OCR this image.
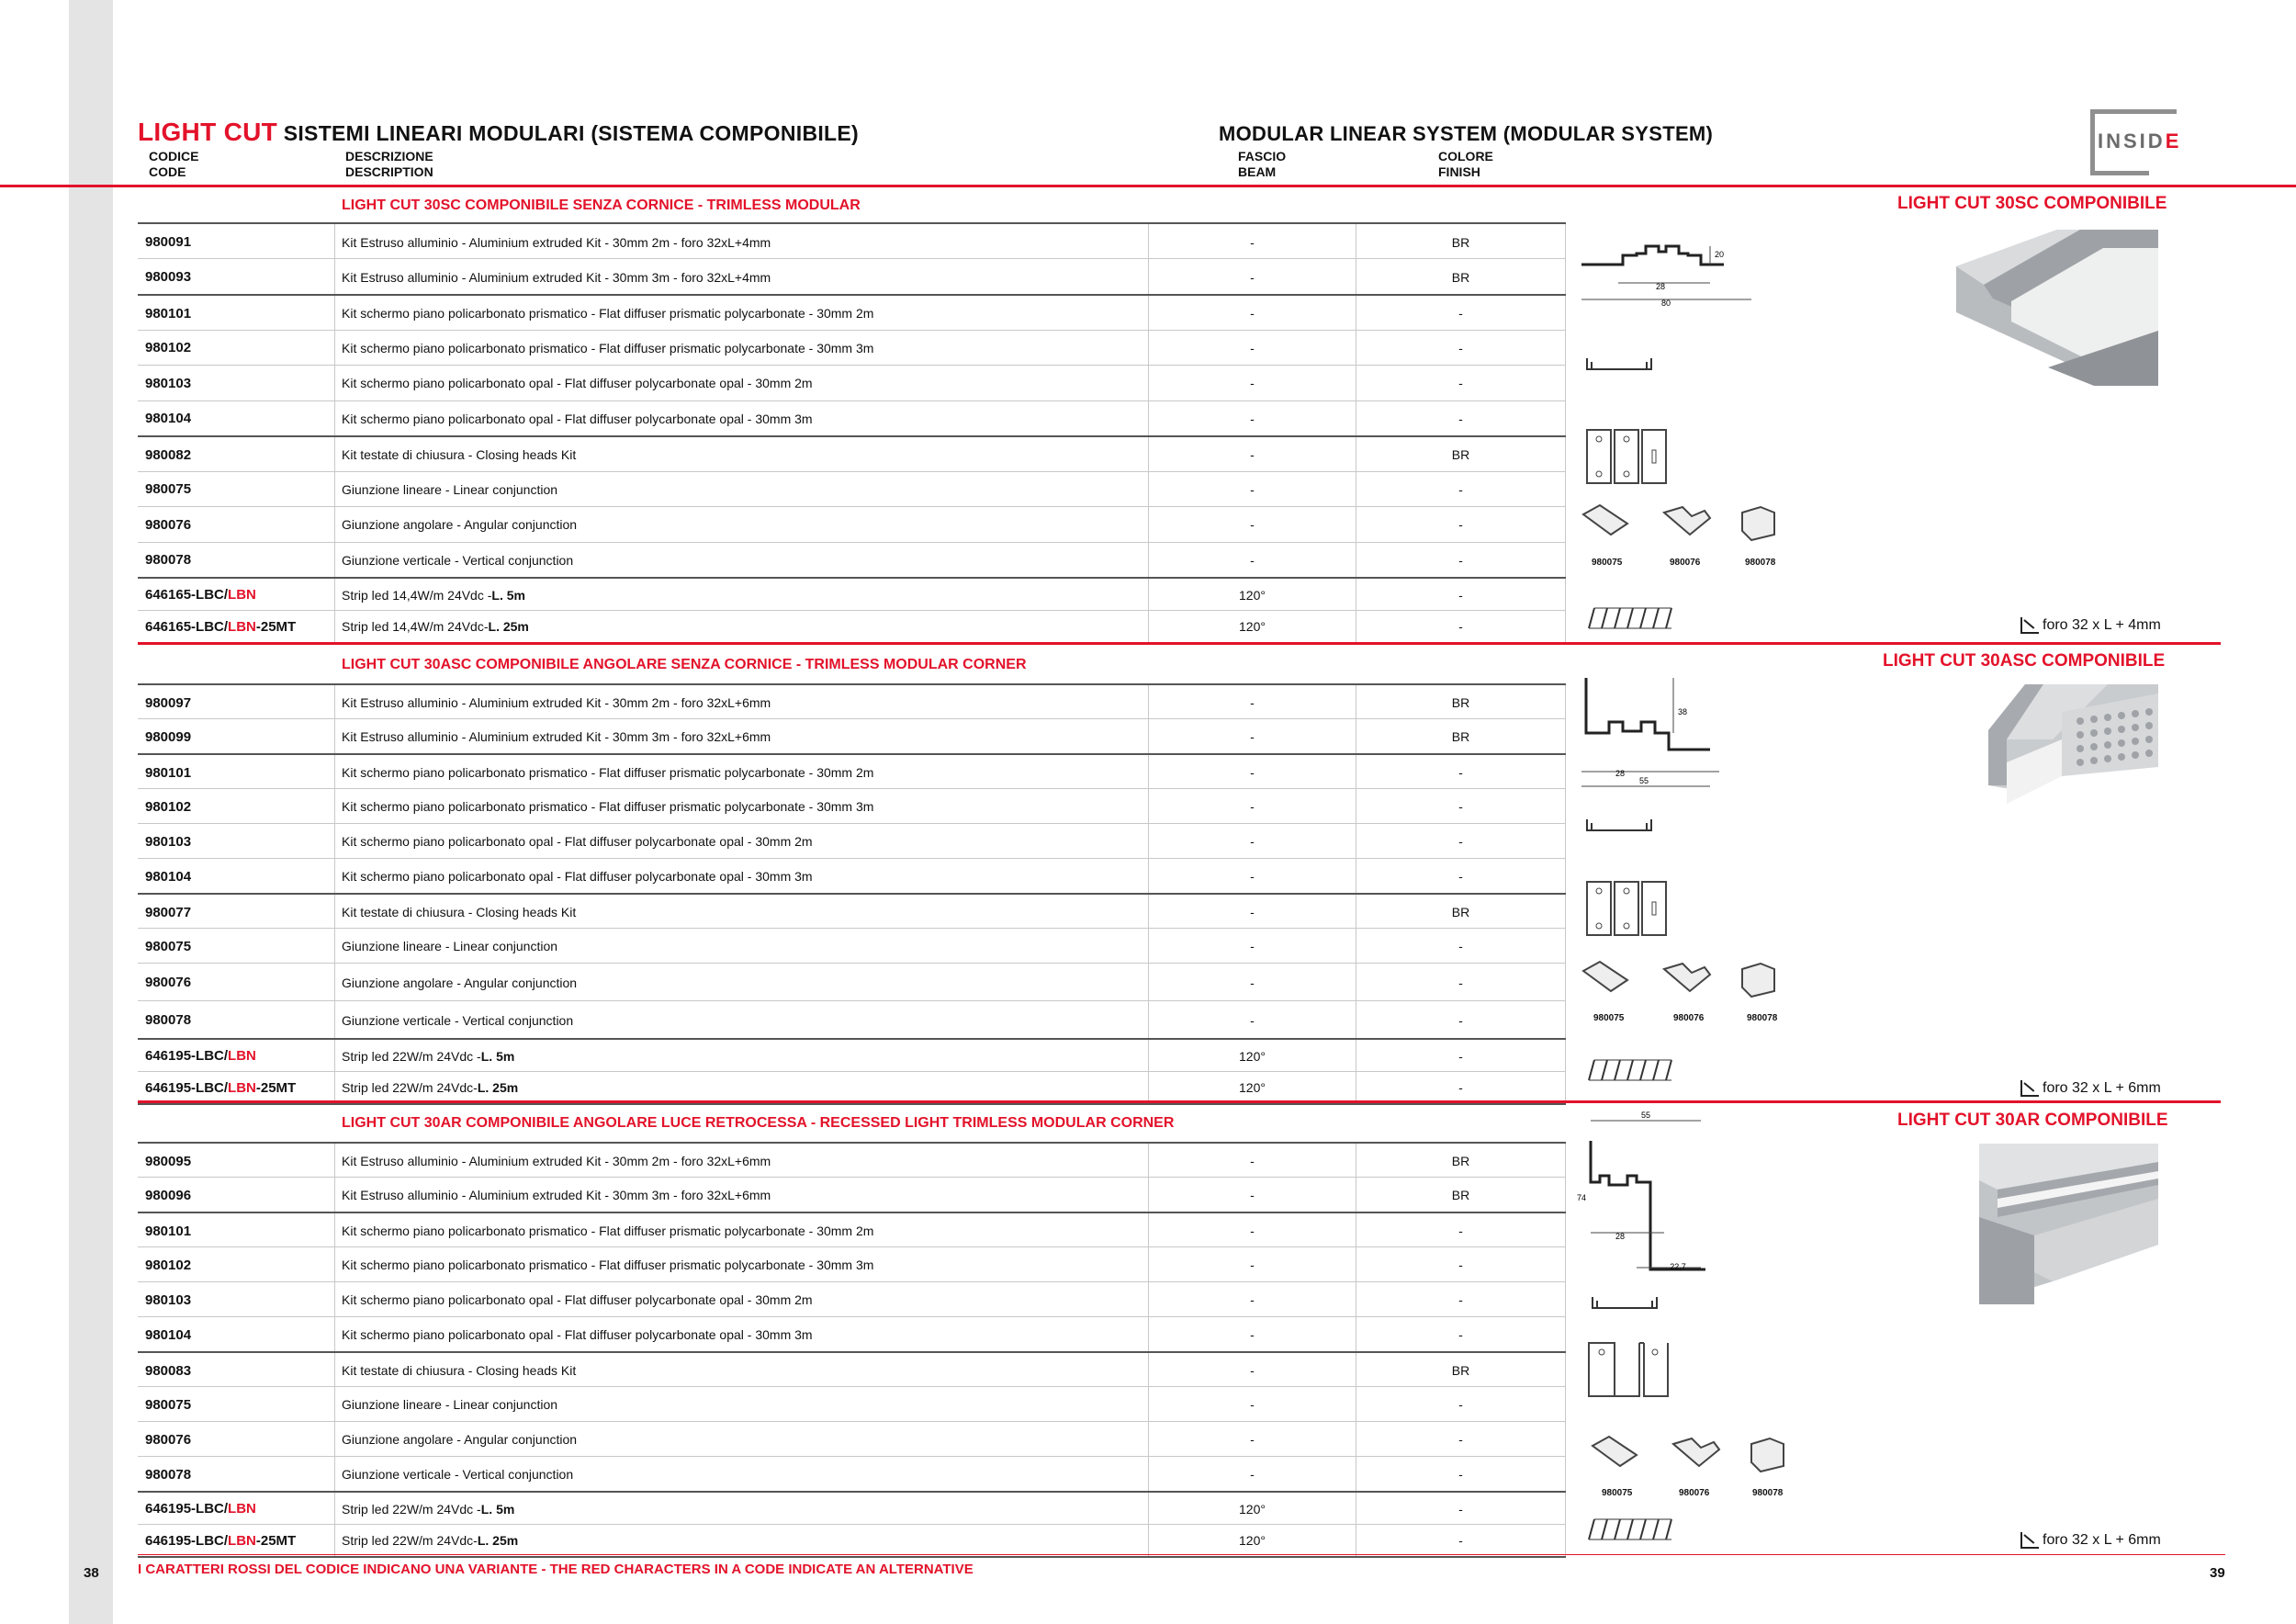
LIGHT CUT SISTEMI LINEARI MODULARI (SISTEMA COMPONIBILE)	MODULAR LINEAR SYSTEM (MODULAR SYSTEM)
CODICE
CODE
DESCRIZIONE
DESCRIPTION
FASCIO
BEAM
COLORE
FINISH
INSIDE
LIGHT CUT 30SC COMPONIBILE SENZA CORNICE - TRIMLESS MODULAR
980091	Kit Estruso alluminio - Aluminium extruded Kit - 30mm 2m - foro 32xL+4mm	-	BR
980093	Kit Estruso alluminio - Aluminium extruded Kit - 30mm 3m - foro 32xL+4mm	-	BR
980101	Kit schermo piano policarbonato prismatico - Flat diffuser prismatic polycarbonate - 30mm 2m	-	-
980102	Kit schermo piano policarbonato prismatico - Flat diffuser prismatic polycarbonate - 30mm 3m	-	-
980103	Kit schermo piano policarbonato opal - Flat diffuser polycarbonate opal - 30mm 2m	-	-
980104	Kit schermo piano policarbonato opal - Flat diffuser polycarbonate opal - 30mm 3m	-	-
980082	Kit testate di chiusura - Closing heads Kit	-	BR
980075	Giunzione lineare - Linear conjunction	-	-
980076	Giunzione angolare - Angular conjunction	-	-
980078	Giunzione verticale - Vertical conjunction	-	-
646165-LBC/ LBN	Strip led 14,4W/m 24Vdc - L. 5m	120°	-
646165-LBC/ LBN -25MT	Strip led 14,4W/m 24Vdc- L. 25m	120°	-
LIGHT CUT 30ASC COMPONIBILE ANGOLARE SENZA CORNICE - TRIMLESS MODULAR CORNER
980097	Kit Estruso alluminio - Aluminium extruded Kit - 30mm 2m - foro 32xL+6mm	-	BR
980099	Kit Estruso alluminio - Aluminium extruded Kit - 30mm 3m - foro 32xL+6mm	-	BR
980101	Kit schermo piano policarbonato prismatico - Flat diffuser prismatic polycarbonate - 30mm 2m	-	-
980102	Kit schermo piano policarbonato prismatico - Flat diffuser prismatic polycarbonate - 30mm 3m	-	-
980103	Kit schermo piano policarbonato opal - Flat diffuser polycarbonate opal - 30mm 2m	-	-
980104	Kit schermo piano policarbonato opal - Flat diffuser polycarbonate opal - 30mm 3m	-	-
980077	Kit testate di chiusura - Closing heads Kit	-	BR
980075	Giunzione lineare - Linear conjunction	-	-
980076	Giunzione angolare - Angular conjunction	-	-
980078	Giunzione verticale - Vertical conjunction	-	-
646195-LBC/ LBN	Strip led 22W/m 24Vdc - L. 5m	120°	-
646195-LBC/ LBN -25MT	Strip led 22W/m 24Vdc- L. 25m	120°	-
LIGHT CUT 30AR COMPONIBILE ANGOLARE LUCE RETROCESSA - RECESSED LIGHT TRIMLESS MODULAR CORNER
980095	Kit Estruso alluminio - Aluminium extruded Kit - 30mm 2m - foro 32xL+6mm	-	BR
980096	Kit Estruso alluminio - Aluminium extruded Kit - 30mm 3m - foro 32xL+6mm	-	BR
980101	Kit schermo piano policarbonato prismatico - Flat diffuser prismatic polycarbonate - 30mm 2m	-	-
980102	Kit schermo piano policarbonato prismatico - Flat diffuser prismatic polycarbonate - 30mm 3m	-	-
980103	Kit schermo piano policarbonato opal - Flat diffuser polycarbonate opal - 30mm 2m	-	-
980104	Kit schermo piano policarbonato opal - Flat diffuser polycarbonate opal - 30mm 3m	-	-
980083	Kit testate di chiusura - Closing heads Kit	-	BR
980075	Giunzione lineare - Linear conjunction	-	-
980076	Giunzione angolare - Angular conjunction	-	-
980078	Giunzione verticale - Vertical conjunction	-	-
646195-LBC/ LBN	Strip led 22W/m 24Vdc - L. 5m	120°	-
646195-LBC/ LBN -25MT	Strip led 22W/m 24Vdc- L. 25m	120°	-
28
80
20
980075	980076	980078
28
55
38
980075	980076	980078
55
28
22,7
74
980075	980076	980078
LIGHT CUT 30SC COMPONIBILE
LIGHT CUT 30ASC COMPONIBILE
LIGHT CUT 30AR COMPONIBILE
foro 32 x L + 4mm
foro 32 x L + 6mm
foro 32 x L + 6mm
I CARATTERI ROSSI DEL CODICE INDICANO UNA VARIANTE - THE RED CHARACTERS IN A CODE INDICATE AN ALTERNATIVE
38	39
